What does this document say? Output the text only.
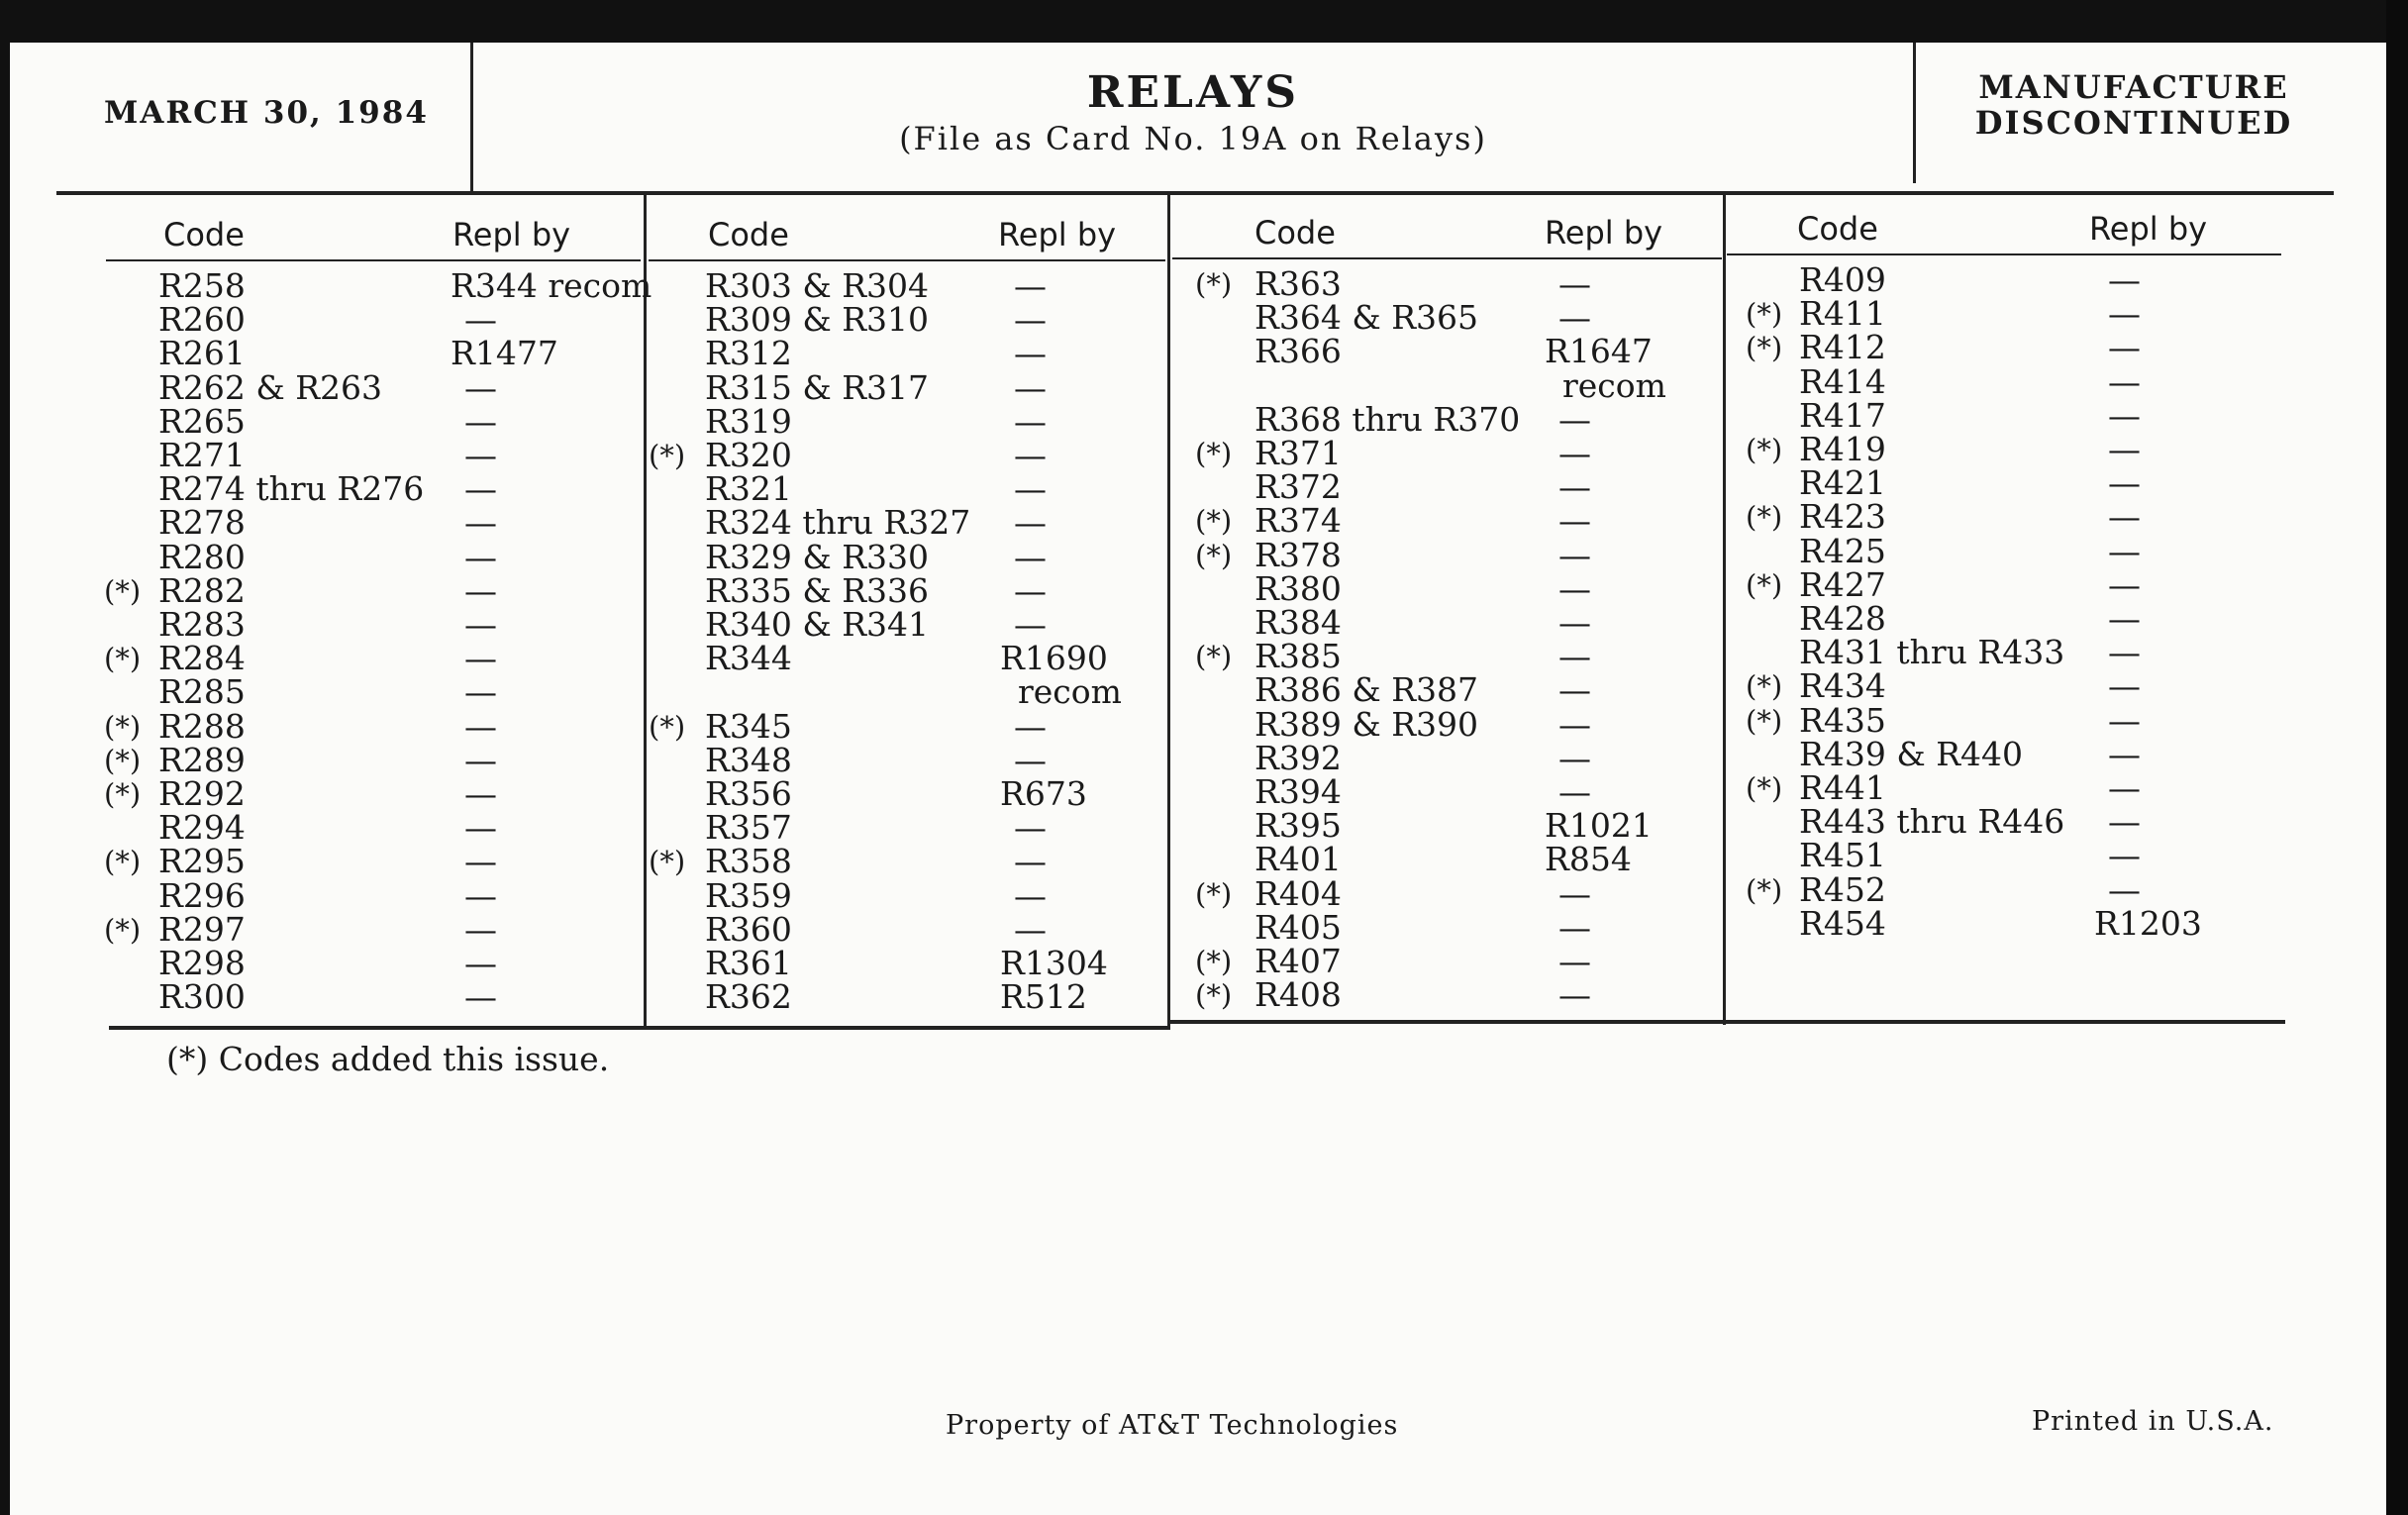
MARCH 30, 1984	RELAYS
(File as Card No. 19A on Relays)
MANUFACTURE
DISCONTINUED
Code	Repl by
R258	R344 recom
R260	—
R261	R1477
R262 & R263	—
R265	—
R271	—
R274 thru R276 —
R278	—
R280	—
(*) R282	—
R283	—
(*) R284	—
R285	—
(*) R288	—
(*) R289	—
(*) R292	—
R294	—
(*) R295	—
R296	—
(*) R297	—
R298	—
R300	—
Code	Repl by
R303 & R304	—
R309 & R310	—
R312	—
R315 & R317	—
R319	—
(*) R320	—
R321	—
R324 thru R327 —
R329 & R330	—
R335 & R336	—
R340 & R341	—
R344	R1690
recom
(*) R345	—
R348	—
R356	R673
R357	—
(*) R358	—
R359	—
R360	—
R361	R1304
R362	R512
Code	Repl by
(*) R363	—
R364 & R365 —
R366	R1647
recom
R368 thru R370 —
(*) R371	—
R372	—
(*) R374	—
(*) R378	—
R380	—
R384	—
(*) R385	—
R386 & R387 —
R389 & R390 —
R392	—
R394	—
R395	R1021
R401	R854
(*) R404	—
R405	—
(*) R407	—
(*) R408	—
Code	Repl by
R409	—
(*) R411	—
(*) R412	—
R414	—
R417	—
(*) R419	—
R421	—
(*) R423	—
R425	—
(*) R427	—
R428	—
R431 thru R433 —
(*) R434	—
(*) R435	—
R439 & R440	—
(*) R441	—
R443 thru R446 —
R451	—
(*) R452	—
R454	R1203
(*) Codes added this issue.
Property of AT&T Technologies	Printed in U.S.A.
